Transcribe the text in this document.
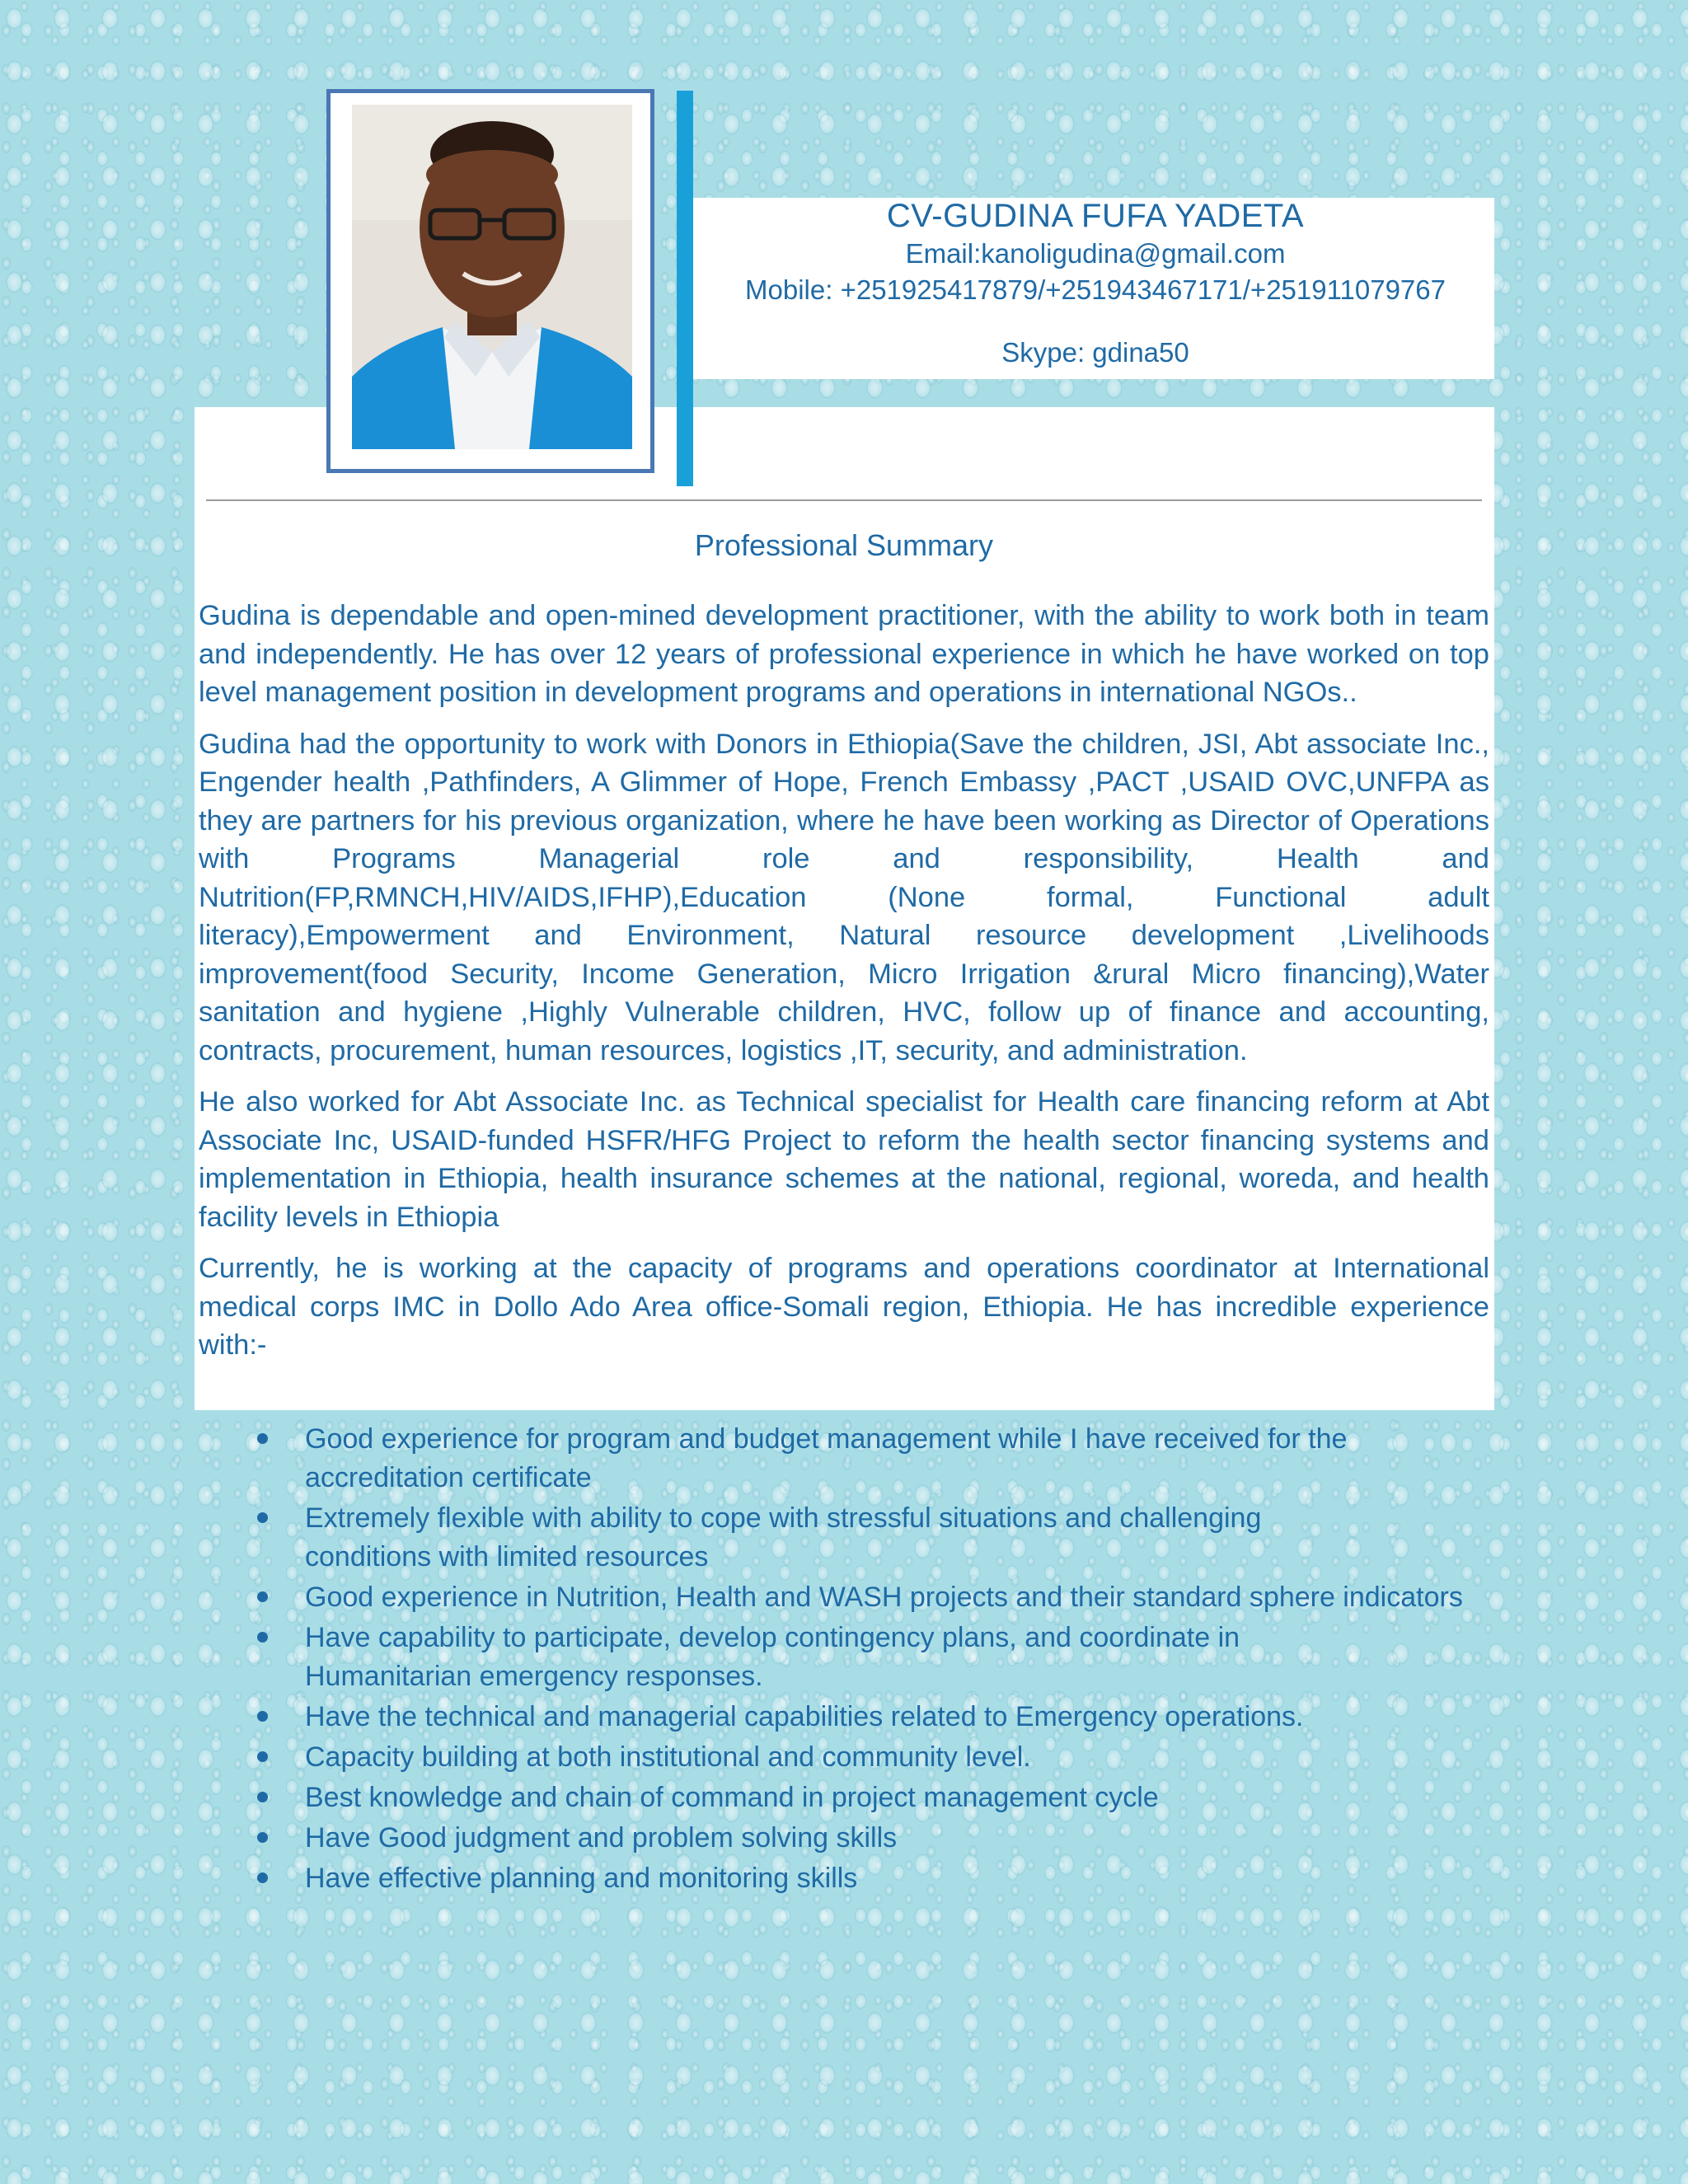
CV-GUDINA FUFA YADETA

Email:kanoligudina@gmail.com

Mobile: +251925417879/+251943467171/+251911079767

Skype: gdina50

Professional Summary

Gudina is dependable and open-mined development practitioner, with the ability to work both in team and independently. He has over 12 years of professional experience in which he have worked on top level management position in development programs and operations in international NGOs..

Gudina had the opportunity to work with Donors in Ethiopia(Save the children, JSI, Abt associate Inc., Engender health ,Pathfinders, A Glimmer of Hope, French Embassy ,PACT ,USAID OVC,UNFPA as they are partners for his previous organization, where he have been working as Director of Operations with Programs Managerial role and responsibility, Health and Nutrition(FP,RMNCH,HIV/AIDS,IFHP),Education (None formal, Functional adult literacy),Empowerment and Environment, Natural resource development ,Livelihoods improvement(food Security, Income Generation, Micro Irrigation &rural Micro financing),Water sanitation and hygiene ,Highly Vulnerable children, HVC, follow up of finance and accounting, contracts, procurement, human resources, logistics ,IT, security, and administration.

He also worked for Abt Associate Inc. as Technical specialist for Health care financing reform at Abt Associate Inc, USAID-funded HSFR/HFG Project to reform the health sector financing systems and implementation in Ethiopia, health insurance schemes at the national, regional, woreda, and health facility levels in Ethiopia

Currently, he is working at the capacity of programs and operations coordinator at International medical corps IMC in Dollo Ado Area office-Somali region, Ethiopia. He has incredible experience with:-

Good experience for program and budget management while I have received for the accreditation certificate
Extremely flexible with ability to cope with stressful situations and challenging conditions with limited resources
Good experience in Nutrition, Health and WASH projects and their standard sphere indicators
Have capability to participate, develop contingency plans, and coordinate in Humanitarian emergency responses.
Have the technical and managerial capabilities related to Emergency operations.
Capacity building at both institutional and community level.
Best knowledge and chain of command in project management cycle
Have Good judgment and problem solving skills
Have effective planning and monitoring skills
